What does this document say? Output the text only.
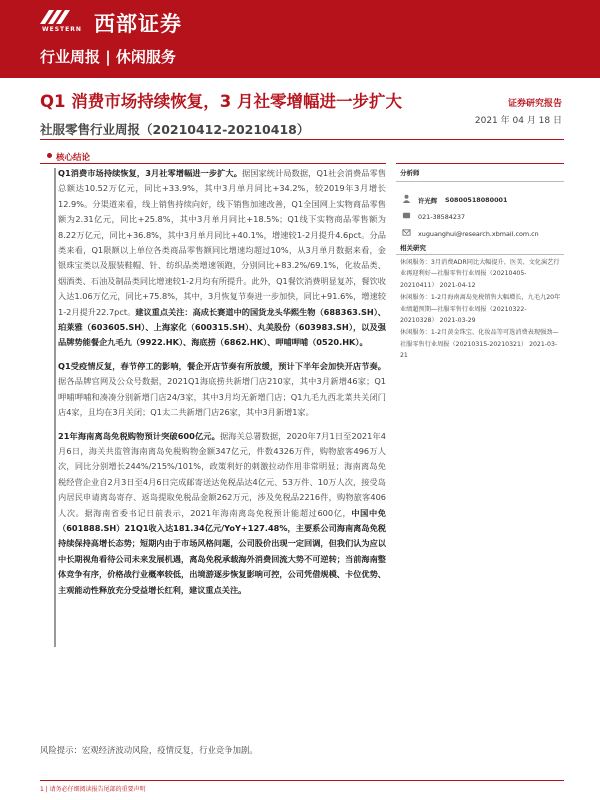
WESTERN 西部证券
行业周报 | 休闲服务
Q1 消费市场持续恢复，3 月社零增幅进一步扩大
社服零售行业周报（20210412-20210418）
证券研究报告
2021 年 04 月 18 日
核心结论
Q1消费市场持续恢复，3月社零增幅进一步扩大。据国家统计局数据，Q1社会消费品零售总额达10.52万亿元，同比+33.9%，其中3月单月同比+34.2%，较2019年3月增长12.9%。分渠道来看，线上销售持续向好，线下销售加速改善，Q1全国网上实物商品零售额为2.31亿元，同比+25.8%，其中3月单月同比+18.5%；Q1线下实物商品零售额为8.22万亿元，同比+36.8%，其中3月单月同比+40.1%，增速较1-2月提升4.6pct。分品类来看，Q1限额以上单位各类商品零售额同比增速均超过10%，从3月单月数据来看，金银珠宝类以及服装鞋帽、针、纺织品类增速领跑，分别同比+83.2%/69.1%，化妆品类、烟酒类、石油及制品类同比增速较1-2月均有所提升。此外，Q1餐饮消费明显复苏，餐饮收入达1.06万亿元，同比+75.8%，其中，3月恢复节奏进一步加快，同比+91.6%，增速较1-2月提升22.7pct。建议重点关注：高成长赛道中的国货龙头华熙生物（688363.SH）、珀莱雅（603605.SH）、上海家化（600315.SH）、丸美股份（603983.SH），以及强品牌势能餐企九毛九（9922.HK）、海底捞（6862.HK）、呷哺呷哺（0520.HK）。
Q1受疫情反复，春节停工的影响，餐企开店节奏有所放缓，预计下半年会加快开店节奏。据各品牌官网及公众号数据，2021Q1海底捞共新增门店210家，其中3月新增46家；Q1呷哺呷哺和凑凑分别新增门店24/3家，其中3月均无新增门店；Q1九毛九西北菜共关闭门店4家，且均在3月关闭；Q1太二共新增门店26家，其中3月新增1家。
21年海南离岛免税购物预计突破600亿元。据海关总署数据，2020年7月1日至2021年4月6日，海关共监管海南离岛免税购物金额347亿元，件数4326万件，购物旅客496万人次，同比分别增长244%/215%/101%，政策利好的刺激拉动作用非常明显；海南离岛免税经营企业自2月3日至4月6日完成邮寄送达免税品达4亿元、53万件、10万人次，接受岛内居民申请离岛寄存、返岛提取免税品金额262万元，涉及免税品2216件，购物旅客406人次。据海南省委书记日前表示，2021年海南离岛免税预计能超过600亿，中国中免（601888.SH）21Q1收入达181.34亿元/YoY+127.48%，主要系公司海南离岛免税持续保持高增长态势；短期内由于市场风格问题，公司股价出现一定回调，但我们认为应以中长期视角看待公司未来发展机遇，离岛免税承载海外消费回流大势不可逆转；当前海南整体竞争有序，价格战行业概率较低，出境游逐步恢复影响可控，公司凭借规模、卡位优势、主观能动性释放充分受益增长红利，建议重点关注。
分析师
许光辉 S0800518080001
021-38584237
xuguanghui@research.xbmail.com.cn
相关研究
休闲服务：3月消费ADR同比大幅提升，医美、文化演艺行业再迎利好—社服零售行业周报（20210405-20210411） 2021-04-12
休闲服务：1-2月海南离岛免税销售大幅增长，九毛九20年业绩超预期—社服零售行业周报（20210322-20210328） 2021-03-29
休闲服务：1-2月黄金珠宝、化妆品等可选消费表现强劲—社服零售行业周报（20210315-20210321） 2021-03-21
风险提示：宏观经济波动风险，疫情反复，行业竞争加剧。
1 | 请务必仔细阅读报告尾部的重要声明
